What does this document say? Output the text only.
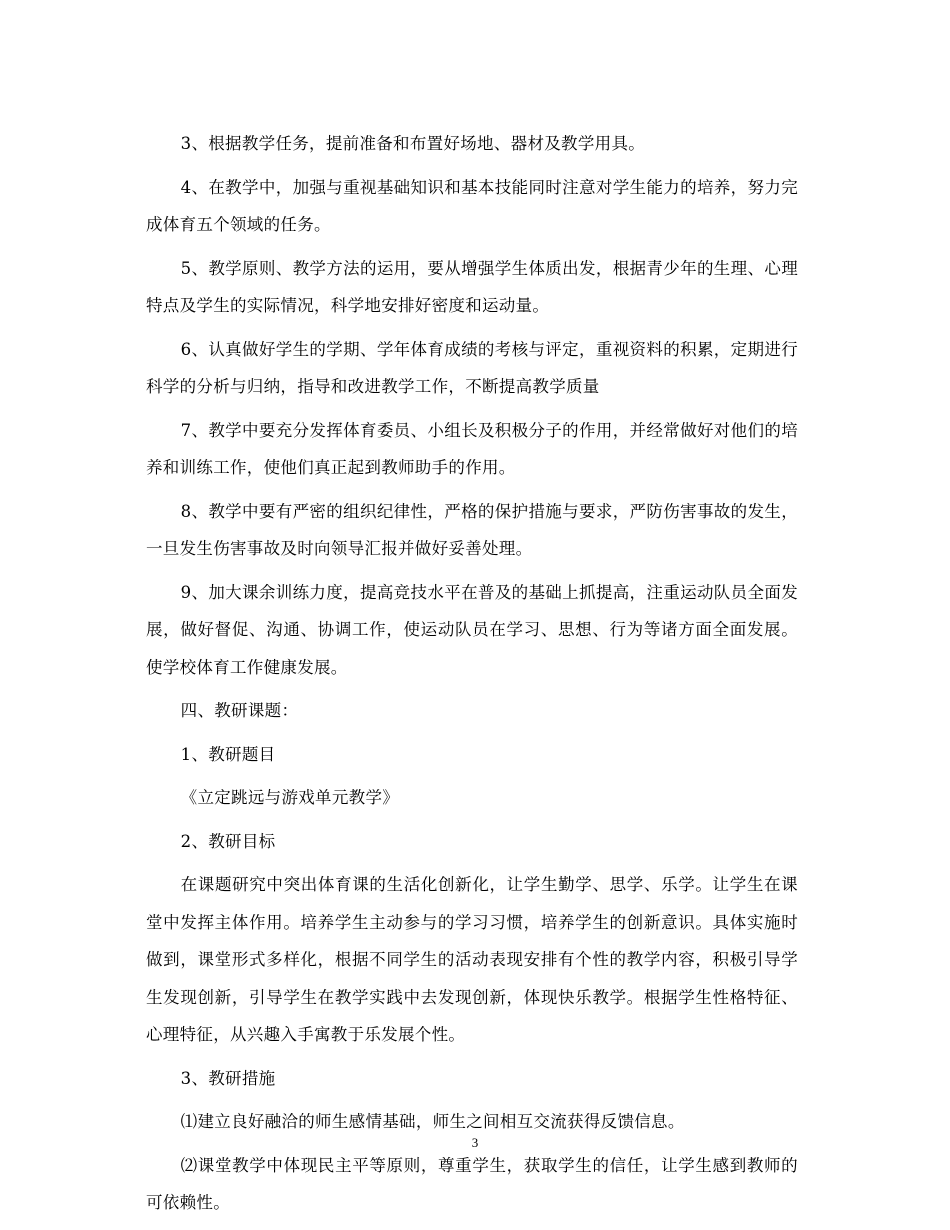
3、根据教学任务，提前准备和布置好场地、器材及教学用具。

4、在教学中，加强与重视基础知识和基本技能同时注意对学生能力的培养，努力完成体育五个领域的任务。

5、教学原则、教学方法的运用，要从增强学生体质出发，根据青少年的生理、心理特点及学生的实际情况，科学地安排好密度和运动量。

6、认真做好学生的学期、学年体育成绩的考核与评定，重视资料的积累，定期进行科学的分析与归纳，指导和改进教学工作，不断提高教学质量

7、教学中要充分发挥体育委员、小组长及积极分子的作用，并经常做好对他们的培养和训练工作，使他们真正起到教师助手的作用。

8、教学中要有严密的组织纪律性，严格的保护措施与要求，严防伤害事故的发生，一旦发生伤害事故及时向领导汇报并做好妥善处理。

9、加大课余训练力度，提高竞技水平在普及的基础上抓提高，注重运动队员全面发展，做好督促、沟通、协调工作，使运动队员在学习、思想、行为等诸方面全面发展。使学校体育工作健康发展。

四、教研课题：

1、教研题目

《立定跳远与游戏单元教学》

2、教研目标

在课题研究中突出体育课的生活化创新化，让学生勤学、思学、乐学。让学生在课堂中发挥主体作用。培养学生主动参与的学习习惯，培养学生的创新意识。具体实施时做到，课堂形式多样化，根据不同学生的活动表现安排有个性的教学内容，积极引导学生发现创新，引导学生在教学实践中去发现创新，体现快乐教学。根据学生性格特征、心理特征，从兴趣入手寓教于乐发展个性。

3、教研措施

⑴建立良好融洽的师生感情基础，师生之间相互交流获得反馈信息。

⑵课堂教学中体现民主平等原则，尊重学生，获取学生的信任，让学生感到教师的可依赖性。

3
